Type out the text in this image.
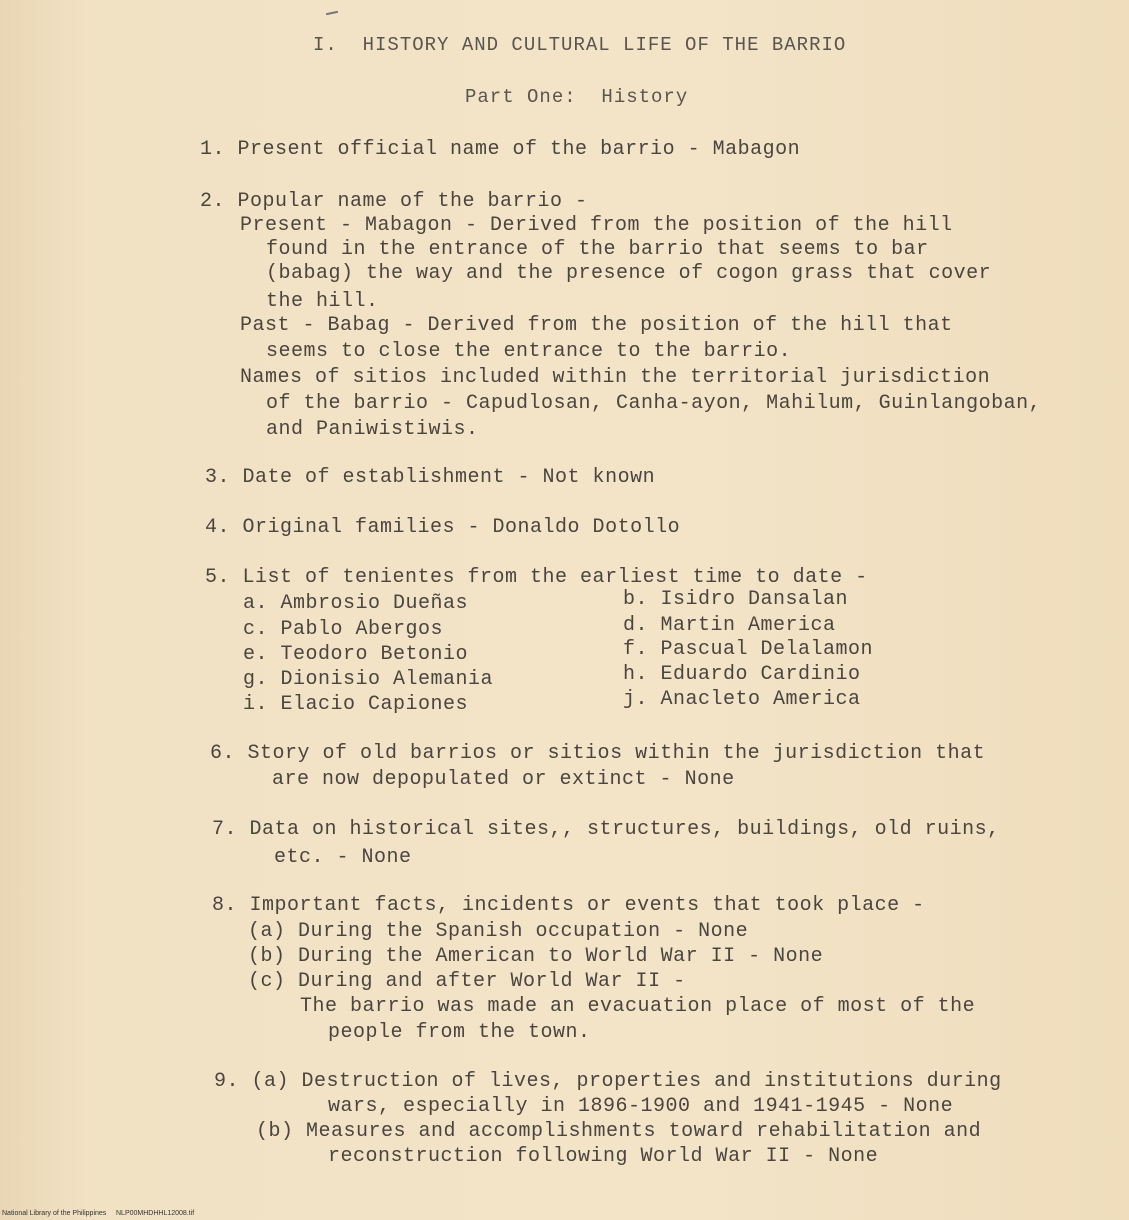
I.  HISTORY AND CULTURAL LIFE OF THE BARRIO
Part One:  History
1. Present official name of the barrio - Mabagon
2. Popular name of the barrio -
Present - Mabagon - Derived from the position of the hill
found in the entrance of the barrio that seems to bar
(babag) the way and the presence of cogon grass that cover
the hill.
Past - Babag - Derived from the position of the hill that
seems to close the entrance to the barrio.
Names of sitios included within the territorial jurisdiction
of the barrio - Capudlosan, Canha-ayon, Mahilum, Guinlangoban,
and Paniwistiwis.
3. Date of establishment - Not known
4. Original families - Donaldo Dotollo
5. List of tenientes from the earliest time to date -
a. Ambrosio Dueñas	b. Isidro Dansalan
c. Pablo Abergos	d. Martin America
e. Teodoro Betonio	f. Pascual Delalamon
g. Dionisio Alemania	h. Eduardo Cardinio
i. Elacio Capiones	j. Anacleto America
6. Story of old barrios or sitios within the jurisdiction that
are now depopulated or extinct - None
7. Data on historical sites,, structures, buildings, old ruins,
etc. - None
8. Important facts, incidents or events that took place -
(a) During the Spanish occupation - None
(b) During the American to World War II - None
(c) During and after World War II -
The barrio was made an evacuation place of most of the
people from the town.
9. (a) Destruction of lives, properties and institutions during
wars, especially in 1896-1900 and 1941-1945 - None
(b) Measures and accomplishments toward rehabilitation and
reconstruction following World War II - None
National Library of the Philippines     NLP00MHDHHL12008.tif
